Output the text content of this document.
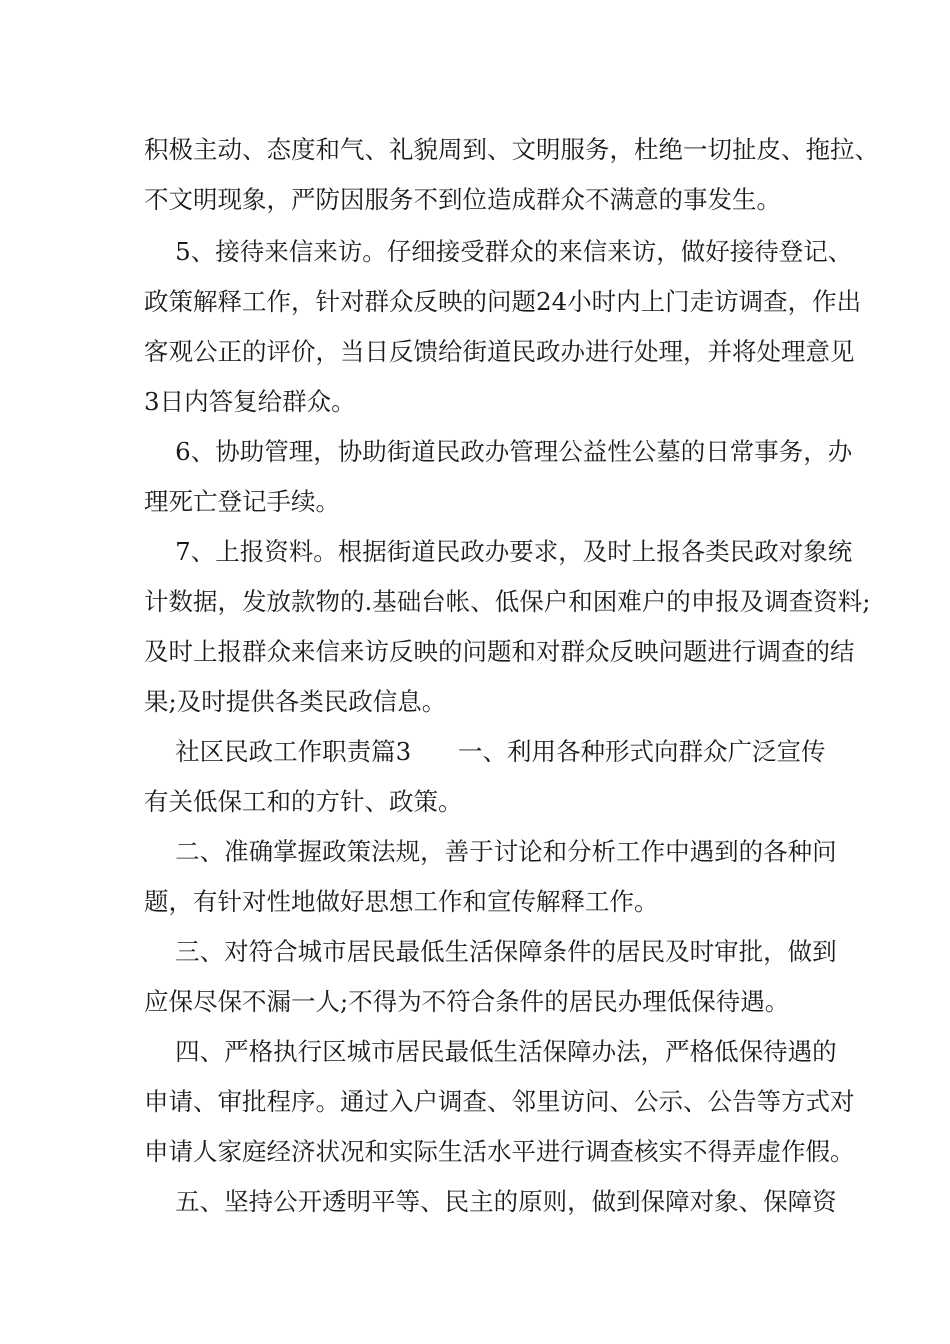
积极主动、态度和气、礼貌周到、文明服务，杜绝一切扯皮、拖拉、
不文明现象，严防因服务不到位造成群众不满意的事发生。
5、接待来信来访。仔细接受群众的来信来访，做好接待登记、
政策解释工作，针对群众反映的问题24小时内上门走访调查，作出
客观公正的评价，当日反馈给街道民政办进行处理，并将处理意见
3日内答复给群众。
6、协助管理，协助街道民政办管理公益性公墓的日常事务，办
理死亡登记手续。
7、上报资料。根据街道民政办要求，及时上报各类民政对象统
计数据，发放款物的.基础台帐、低保户和困难户的申报及调查资料;
及时上报群众来信来访反映的问题和对群众反映问题进行调查的结
果;及时提供各类民政信息。
社区民政工作职责篇3      一、利用各种形式向群众广泛宣传
有关低保工和的方针、政策。
二、准确掌握政策法规，善于讨论和分析工作中遇到的各种问
题，有针对性地做好思想工作和宣传解释工作。
三、对符合城市居民最低生活保障条件的居民及时审批，做到
应保尽保不漏一人;不得为不符合条件的居民办理低保待遇。
四、严格执行区城市居民最低生活保障办法，严格低保待遇的
申请、审批程序。通过入户调查、邻里访问、公示、公告等方式对
申请人家庭经济状况和实际生活水平进行调查核实不得弄虚作假。
五、坚持公开透明平等、民主的原则，做到保障对象、保障资
